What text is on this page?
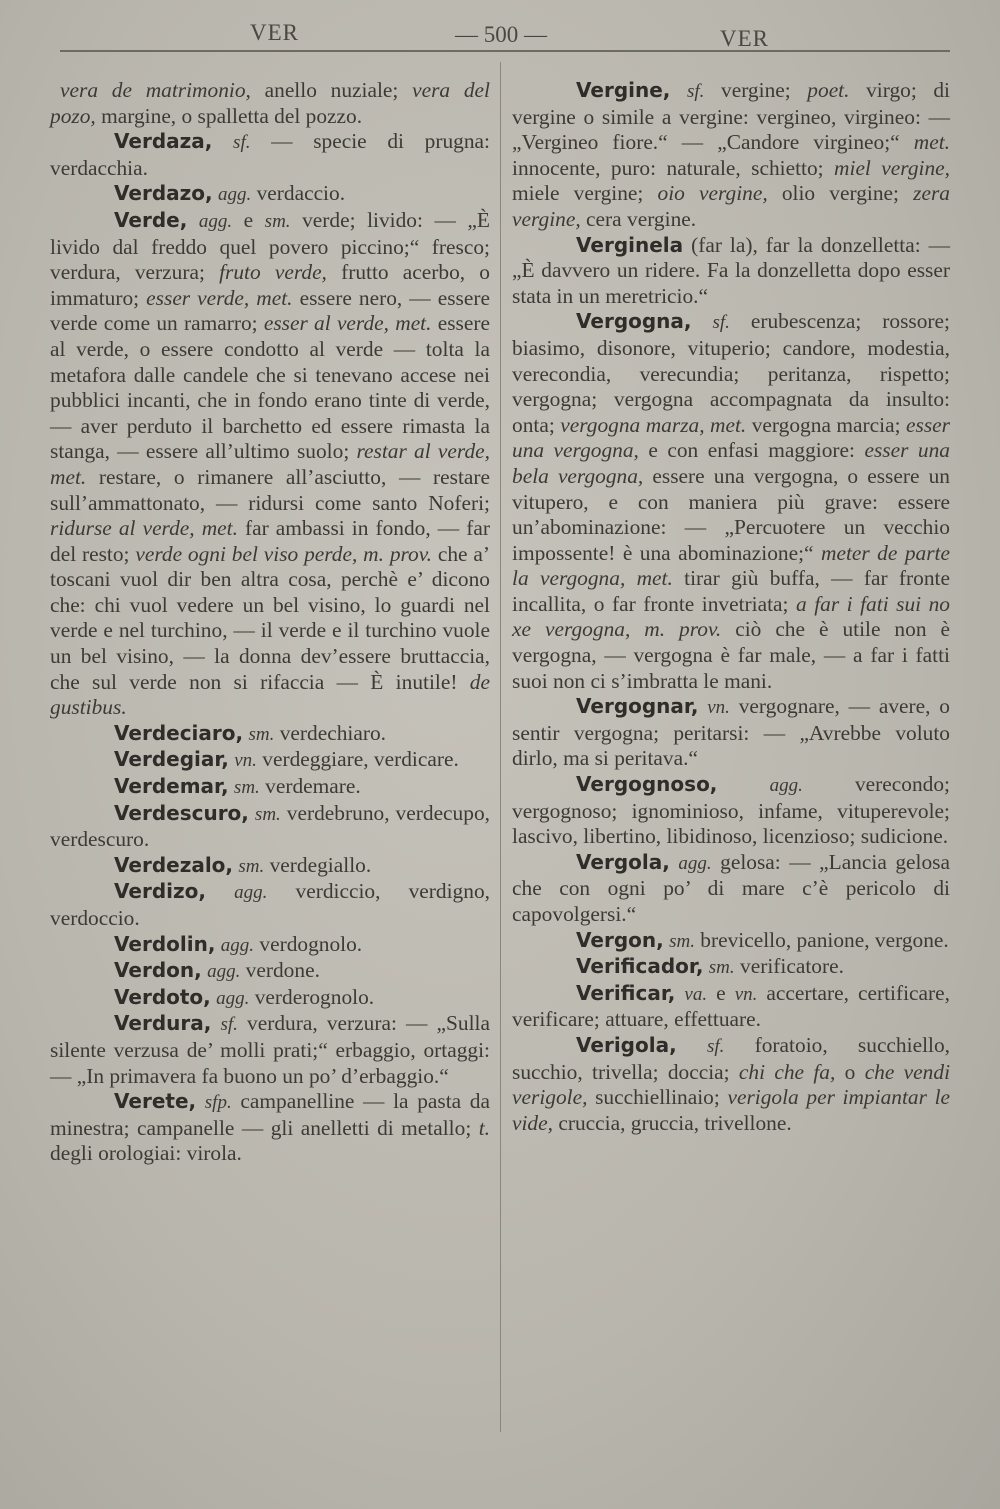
VER	— 500 —	VER

vera de matrimonio, anello nuziale; vera del pozo, margine, o spalletta del pozzo.

Verdaza, sf. — specie di prugna: verdacchia.

Verdazo, agg. verdaccio.

Verde, agg. e sm. verde; livido: — „È livido dal freddo quel povero piccino;“ fresco; verdura, verzura; fruto verde, frutto acerbo, o immaturo; esser verde, met. essere nero, — essere verde come un ramarro; esser al verde, met. essere al verde, o essere condotto al verde — tolta la metafora dalle candele che si tenevano accese nei pubblici incanti, che in fondo erano tinte di verde, — aver perduto il barchetto ed essere rimasta la stanga, — essere all’ultimo suolo; restar al verde, met. restare, o rimanere all’asciutto, — restare sull’ammattonato, — ridursi come santo Noferi; ridurse al verde, met. far ambassi in fondo, — far del resto; verde ogni bel viso perde, m. prov. che a’ toscani vuol dir ben altra cosa, perchè e’ dicono che: chi vuol vedere un bel visino, lo guardi nel verde e nel turchino, — il verde e il turchino vuole un bel visino, — la donna dev’essere bruttaccia, che sul verde non si rifaccia — È inutile! de gustibus.

Verdeciaro, sm. verdechiaro.

Verdegiar, vn. verdeggiare, verdicare.

Verdemar, sm. verdemare.

Verdescuro, sm. verdebruno, verdecupo, verdescuro.

Verdezalo, sm. verdegiallo.

Verdizo, agg. verdiccio, verdigno, verdoccio.

Verdolin, agg. verdognolo.

Verdon, agg. verdone.

Verdoto, agg. verderognolo.

Verdura, sf. verdura, verzura: — „Sulla silente verzusa de’ molli prati;“ erbaggio, ortaggi: — „In primavera fa buono un po’ d’erbaggio.“

Verete, sfp. campanelline — la pasta da minestra; campanelle — gli anelletti di metallo; t. degli orologiai: virola.

Vergine, sf. vergine; poet. virgo; di vergine o simile a vergine: vergineo, virgineo: — „Vergineo fiore.“ — „Candore virgineo;“ met. innocente, puro: naturale, schietto; miel vergine, miele vergine; oio vergine, olio vergine; zera vergine, cera vergine.

Verginela (far la), far la donzelletta: — „È davvero un ridere. Fa la donzelletta dopo esser stata in un meretricio.“

Vergogna, sf. erubescenza; rossore; biasimo, disonore, vituperio; candore, modestia, verecondia, verecundia; peritanza, rispetto; vergogna; vergogna accompagnata da insulto: onta; vergogna marza, met. vergogna marcia; esser una vergogna, e con enfasi maggiore: esser una bela vergogna, essere una vergogna, o essere un vitupero, e con maniera più grave: essere un’abominazione: — „Percuotere un vecchio impossente! è una abominazione;“ meter de parte la vergogna, met. tirar giù buffa, — far fronte incallita, o far fronte invetriata; a far i fati sui no xe vergogna, m. prov. ciò che è utile non è vergogna, — vergogna è far male, — a far i fatti suoi non ci s’imbratta le mani.

Vergognar, vn. vergognare, — avere, o sentir vergogna; peritarsi: — „Avrebbe voluto dirlo, ma si peritava.“

Vergognoso,	agg. verecondo; vergognoso; ignominioso, infame, vituperevole; lascivo, libertino, libidinoso, licenzioso; sudicione.

Vergola, agg. gelosa: — „Lancia gelosa che con ogni po’ di mare c’è pericolo di capovolgersi.“

Vergon, sm. brevicello, panione, vergone.

Verificador, sm. verificatore.

Verificar, va. e vn. accertare, certificare, verificare; attuare, effettuare.

Verigola, sf. foratoio, succhiello, succhio, trivella; doccia; chi che fa, o che vendi verigole, succhiellinaio; verigola per impiantar le vide, cruccia, gruccia, trivellone.
